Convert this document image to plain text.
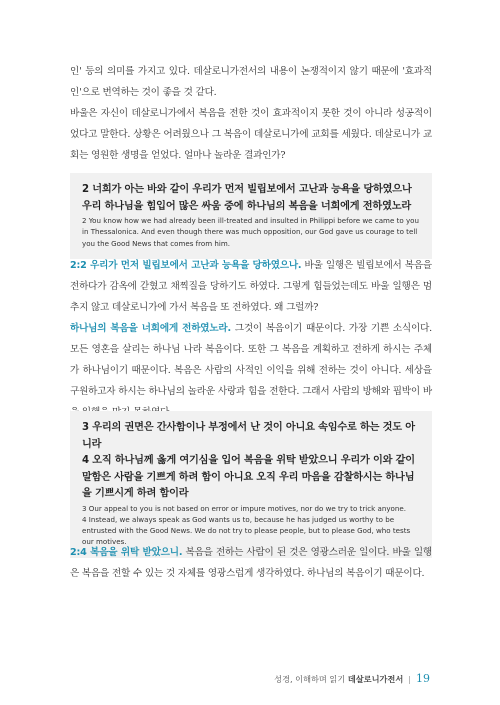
인' 등의 의미를 가지고 있다. 데살로니가전서의 내용이 논쟁적이지 않기 때문에 '효과적인'으로 번역하는 것이 좋을 것 같다.

바울은 자신이 데살로니가에서 복음을 전한 것이 효과적이지 못한 것이 아니라 성공적이었다고 말한다. 상황은 어려웠으나 그 복음이 데살로니가에 교회를 세웠다. 데살로니가 교회는 영원한 생명을 얻었다. 얼마나 놀라운 결과인가?

2 너희가 아는 바와 같이 우리가 먼저 빌립보에서 고난과 능욕을 당하였으나 우리 하나님을 힘입어 많은 싸움 중에 하나님의 복음을 너희에게 전하였노라

2 You know how we had already been ill-treated and insulted in Philippi before we came to you in Thessalonica. And even though there was much opposition, our God gave us courage to tell you the Good News that comes from him.

2:2 우리가 먼저 빌립보에서 고난과 능욕을 당하였으나. 바울 일행은 빌립보에서 복음을 전하다가 감옥에 갇혔고 채찍질을 당하기도 하였다. 그렇게 힘들었는데도 바울 일행은 멈추지 않고 데살로니가에 가서 복음을 또 전하였다. 왜 그럴까?
하나님의 복음을 너희에게 전하였노라. 그것이 복음이기 때문이다. 가장 기쁜 소식이다. 모든 영혼을 살리는 하나님 나라 복음이다. 또한 그 복음을 계획하고 전하게 하시는 주체가 하나님이기 때문이다. 복음은 사람의 사적인 이익을 위해 전하는 것이 아니다. 세상을 구원하고자 하시는 하나님의 놀라운 사랑과 힘을 전한다. 그래서 사람의 방해와 핍박이 바

3 우리의 권면은 간사함이나 부정에서 난 것이 아니요 속임수로 하는 것도 아니라

4 오직 하나님께 옳게 여기심을 입어 복음을 위탁 받았으니 우리가 이와 같이 말함은 사람을 기쁘게 하려 함이 아니요 오직 우리 마음을 감찰하시는 하나님을 기쁘시게 하려 함이라

3 Our appeal to you is not based on error or impure motives, nor do we try to trick anyone.

4 Instead, we always speak as God wants us to, because he has judged us worthy to be entrusted with the Good News. We do not try to please people, but to please God, who tests our motives.

2:4 복음을 위탁 받았으니. 복음을 전하는 사람이 된 것은 영광스러운 일이다. 바울 일행은 복음을 전할 수 있는 것 자체를 영광스럽게 생각하였다. 하나님의 복음이기 때문이다.

성경, 이해하며 읽기 데살로니가전서 | 19
